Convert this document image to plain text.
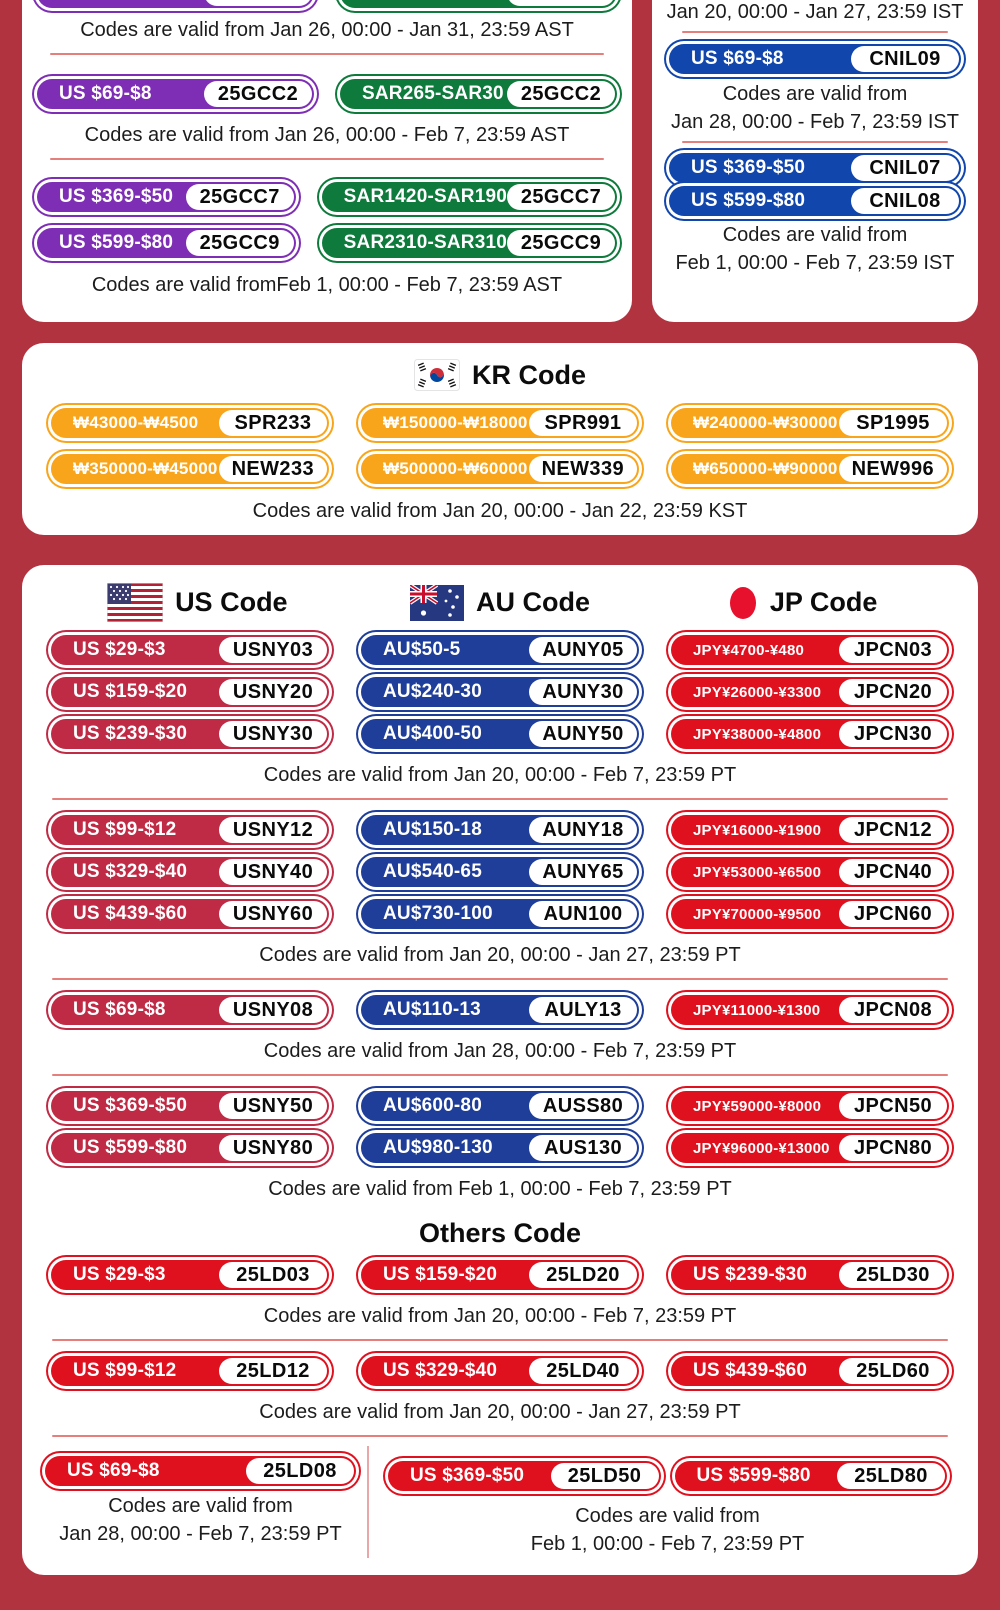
Codes are valid from Jan 26, 00:00 - Jan 31, 23:59 AST
US $69-$8	25GCC2	SAR265-SAR30 25GCC2
Codes are valid from Jan 26, 00:00 - Feb 7, 23:59 AST
US $369-$50	25GCC7	SAR1420-SAR190 25GCC7
US $599-$80	25GCC9	SAR2310-SAR310 25GCC9
Codes are valid fromFeb 1, 00:00 - Feb 7, 23:59 AST
Jan 20, 00:00 - Jan 27, 23:59 IST
US $69-$8	CNIL09
Codes are valid from
Jan 28, 00:00 - Feb 7, 23:59 IST
US $369-$50	CNIL07
US $599-$80	CNIL08
Codes are valid from
Feb 1, 00:00 - Feb 7, 23:59 IST
KR Code
₩43000-₩4500	SPR233	₩150000-₩18000 SPR991	₩240000-₩30000 SP1995
₩350000-₩45000 NEW233	₩500000-₩60000 NEW339	₩650000-₩90000 NEW996
Codes are valid from Jan 20, 00:00 - Jan 22, 23:59 KST
US Code	AU Code	JP Code
US $29-$3	USNY03	AU$50-5	AUNY05	JPY¥4700-¥480	JPCN03
US $159-$20	USNY20	AU$240-30	AUNY30	JPY¥26000-¥3300	JPCN20
US $239-$30	USNY30	AU$400-50	AUNY50	JPY¥38000-¥4800	JPCN30
Codes are valid from Jan 20, 00:00 - Feb 7, 23:59 PT
US $99-$12	USNY12	AU$150-18	AUNY18	JPY¥16000-¥1900	JPCN12
US $329-$40	USNY40	AU$540-65	AUNY65	JPY¥53000-¥6500	JPCN40
US $439-$60	USNY60	AU$730-100	AUN100	JPY¥70000-¥9500	JPCN60
Codes are valid from Jan 20, 00:00 - Jan 27, 23:59 PT
US $69-$8	USNY08	AU$110-13	AULY13	JPY¥11000-¥1300	JPCN08
Codes are valid from Jan 28, 00:00 - Feb 7, 23:59 PT
US $369-$50	USNY50	AU$600-80	AUSS80	JPY¥59000-¥8000	JPCN50
US $599-$80	USNY80	AU$980-130	AUS130	JPY¥96000-¥13000	JPCN80
Codes are valid from Feb 1, 00:00 - Feb 7, 23:59 PT
Others Code
US $29-$3	25LD03	US $159-$20	25LD20	US $239-$30	25LD30
Codes are valid from Jan 20, 00:00 - Feb 7, 23:59 PT
US $99-$12	25LD12	US $329-$40	25LD40	US $439-$60	25LD60
Codes are valid from Jan 20, 00:00 - Jan 27, 23:59 PT
US $69-$8	25LD08
Codes are valid from
Jan 28, 00:00 - Feb 7, 23:59 PT
US $369-$50	25LD50	US $599-$80	25LD80
Codes are valid from
Feb 1, 00:00 - Feb 7, 23:59 PT
